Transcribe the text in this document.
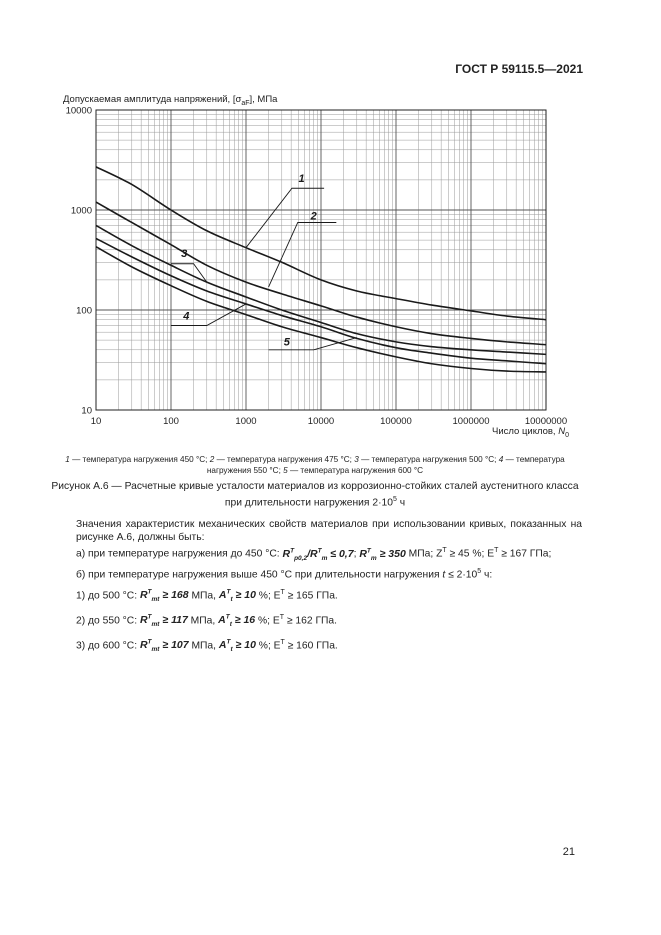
ГОСТ Р 59115.5—2021
Допускаемая амплитуда напряжений, $[\sigma_{aF}]$, МПа
10	100	1000	10000	100000	1000000	10000000
10
100
1000
10000
1
2
3
4
5
Число циклов, $N_0$
1 — температура нагружения 450 °С; 2 — температура нагружения 475 °С; 3 — температура нагружения 500 °С; 4 — температура нагружения 550 °С; 5 — температура нагружения 600 °С
Рисунок А.6 — Расчетные кривые усталости материалов из коррозионно-стойких сталей аустенитного класса при длительности нагружения $2\cdot 10^5$ ч
Значения характеристик механических свойств материалов при использовании кривых, показанных на рисунке А.6, должны быть:
а) при температуре нагружения до 450 °С: $R^T_{p0,2}/R^T_m \le 0,7$; $R^T_m \ge 350$ МПа; $Z^T \ge 45$ %; $E^T \ge 167$ ГПа;
б) при температуре нагружения выше 450 °С при длительности нагружения $t \le 2\cdot 10^5$ ч:
1) до 500 °С: $R^T_{mt} \ge 168$ МПа, $A^T_t \ge 10$ %; $E^T \ge 165$ ГПа.
2) до 550 °С: $R^T_{mt} \ge 117$ МПа, $A^T_t \ge 16$ %; $E^T \ge 162$ ГПа.
3) до 600 °С: $R^T_{mt} \ge 107$ МПа, $A^T_t \ge 10$ %; $E^T \ge 160$ ГПа.
21
